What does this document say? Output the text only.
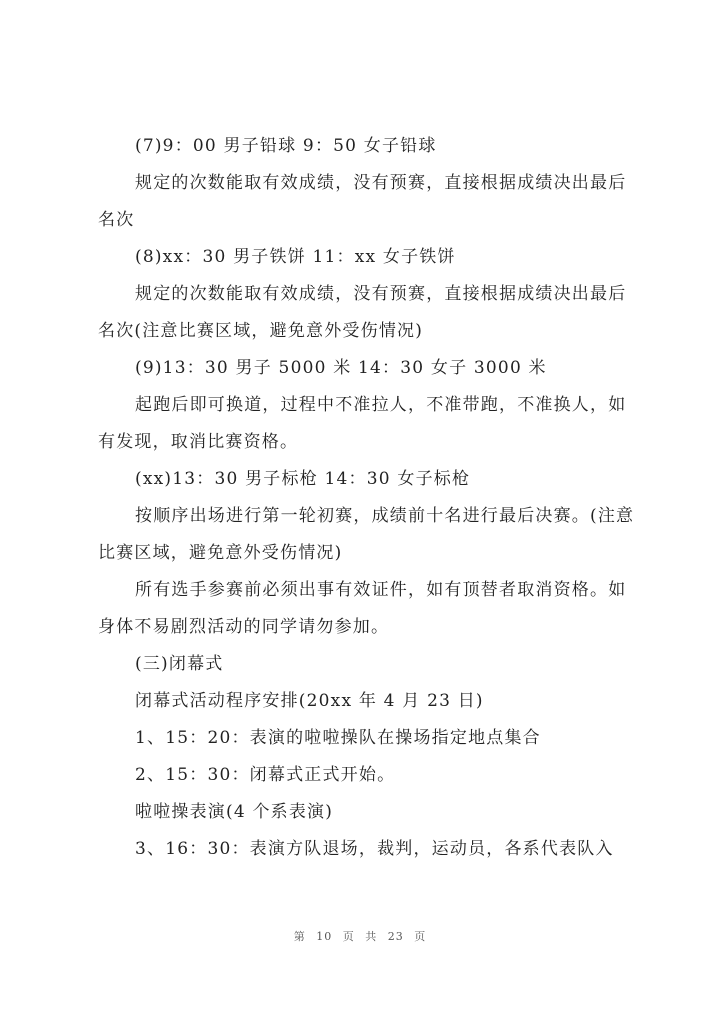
(7)9：00 男子铅球 9：50 女子铅球

规定的次数能取有效成绩，没有预赛，直接根据成绩决出最后名次

(8)xx：30 男子铁饼 11：xx 女子铁饼

规定的次数能取有效成绩，没有预赛，直接根据成绩决出最后名次(注意比赛区域，避免意外受伤情况)

(9)13：30 男子 5000 米 14：30 女子 3000 米

起跑后即可换道，过程中不准拉人，不准带跑，不准换人，如有发现，取消比赛资格。

(xx)13：30 男子标枪 14：30 女子标枪

按顺序出场进行第一轮初赛，成绩前十名进行最后决赛。(注意比赛区域，避免意外受伤情况)

所有选手参赛前必须出事有效证件，如有顶替者取消资格。如身体不易剧烈活动的同学请勿参加。

(三)闭幕式

闭幕式活动程序安排(20xx 年 4 月 23 日)

1、15：20：表演的啦啦操队在操场指定地点集合

2、15：30：闭幕式正式开始。

啦啦操表演(4 个系表演)

3、16：30：表演方队退场，裁判，运动员，各系代表队入

第 10 页 共 23 页
